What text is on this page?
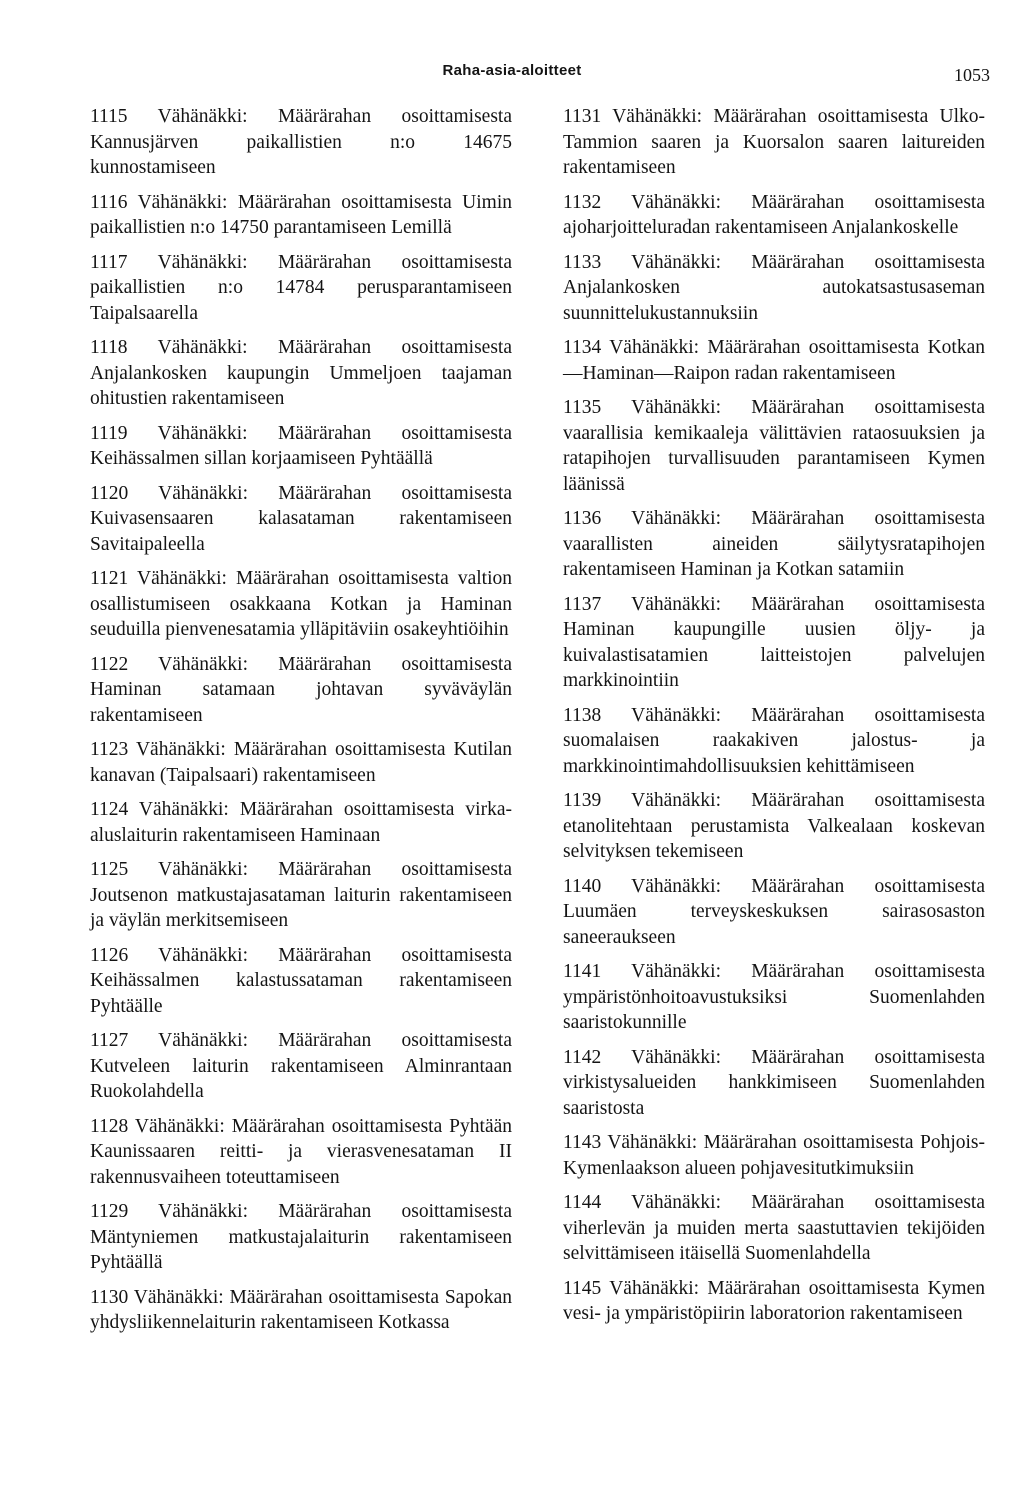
Raha-asia-aloitteet	1053

1115 Vähänäkki: Määrärahan osoittamisesta Kannusjärven paikallistien n:o 14675 kunnostamiseen

1116 Vähänäkki: Määrärahan osoittamisesta Uimin paikallistien n:o 14750 parantamiseen Lemillä

1117 Vähänäkki: Määrärahan osoittamisesta paikallistien n:o 14784 perusparantamiseen Taipalsaarella

1118 Vähänäkki: Määrärahan osoittamisesta Anjalankosken kaupungin Ummeljoen taajaman ohitustien rakentamiseen

1119 Vähänäkki: Määrärahan osoittamisesta Keihässalmen sillan korjaamiseen Pyhtäällä

1120 Vähänäkki: Määrärahan osoittamisesta Kuivasensaaren kalasataman rakentamiseen Savitaipaleella

1121 Vähänäkki: Määrärahan osoittamisesta valtion osallistumiseen osakkaana Kotkan ja Haminan seuduilla pienvenesatamia ylläpitäviin osakeyhtiöihin

1122 Vähänäkki: Määrärahan osoittamisesta Haminan satamaan johtavan syväväylän rakentamiseen

1123 Vähänäkki: Määrärahan osoittamisesta Kutilan kanavan (Taipalsaari) rakentamiseen

1124 Vähänäkki: Määrärahan osoittamisesta virka-aluslaiturin rakentamiseen Haminaan

1125 Vähänäkki: Määrärahan osoittamisesta Joutsenon matkustajasataman laiturin rakentamiseen ja väylän merkitsemiseen

1126 Vähänäkki: Määrärahan osoittamisesta Keihässalmen kalastussataman rakentamiseen Pyhtäälle

1127 Vähänäkki: Määrärahan osoittamisesta Kutveleen laiturin rakentamiseen Alminrantaan Ruokolahdella

1128 Vähänäkki: Määrärahan osoittamisesta Pyhtään Kaunissaaren reitti- ja vierasvenesataman II rakennusvaiheen toteuttamiseen

1129 Vähänäkki: Määrärahan osoittamisesta Mäntyniemen matkustajalaiturin rakentamiseen Pyhtäällä

1130 Vähänäkki: Määrärahan osoittamisesta Sapokan yhdysliikennelaiturin rakentamiseen Kotkassa

1131 Vähänäkki: Määrärahan osoittamisesta Ulko-Tammion saaren ja Kuorsalon saaren laitureiden rakentamiseen

1132 Vähänäkki: Määrärahan osoittamisesta ajoharjoitteluradan rakentamiseen Anjalankoskelle

1133 Vähänäkki: Määrärahan osoittamisesta Anjalankosken autokatsastusaseman suunnittelukustannuksiin

1134 Vähänäkki: Määrärahan osoittamisesta Kotkan—Haminan—Raipon radan rakentamiseen

1135 Vähänäkki: Määrärahan osoittamisesta vaarallisia kemikaaleja välittävien rataosuuksien ja ratapihojen turvallisuuden parantamiseen Kymen läänissä

1136 Vähänäkki: Määrärahan osoittamisesta vaarallisten aineiden säilytysratapihojen rakentamiseen Haminan ja Kotkan satamiin

1137 Vähänäkki: Määrärahan osoittamisesta Haminan kaupungille uusien öljy- ja kuivalastisatamien laitteistojen palvelujen markkinointiin

1138 Vähänäkki: Määrärahan osoittamisesta suomalaisen raakakiven jalostus- ja markkinointimahdollisuuksien kehittämiseen

1139 Vähänäkki: Määrärahan osoittamisesta etanolitehtaan perustamista Valkealaan koskevan selvityksen tekemiseen

1140 Vähänäkki: Määrärahan osoittamisesta Luumäen terveyskeskuksen sairasosaston saneeraukseen

1141 Vähänäkki: Määrärahan osoittamisesta ympäristönhoitoavustuksiksi Suomenlahden saaristokunnille

1142 Vähänäkki: Määrärahan osoittamisesta virkistysalueiden hankkimiseen Suomenlahden saaristosta

1143 Vähänäkki: Määrärahan osoittamisesta Pohjois-Kymenlaakson alueen pohjavesitutkimuksiin

1144 Vähänäkki: Määrärahan osoittamisesta viherlevän ja muiden merta saastuttavien tekijöiden selvittämiseen itäisellä Suomenlahdella

1145 Vähänäkki: Määrärahan osoittamisesta Kymen vesi- ja ympäristöpiirin laboratorion rakentamiseen
